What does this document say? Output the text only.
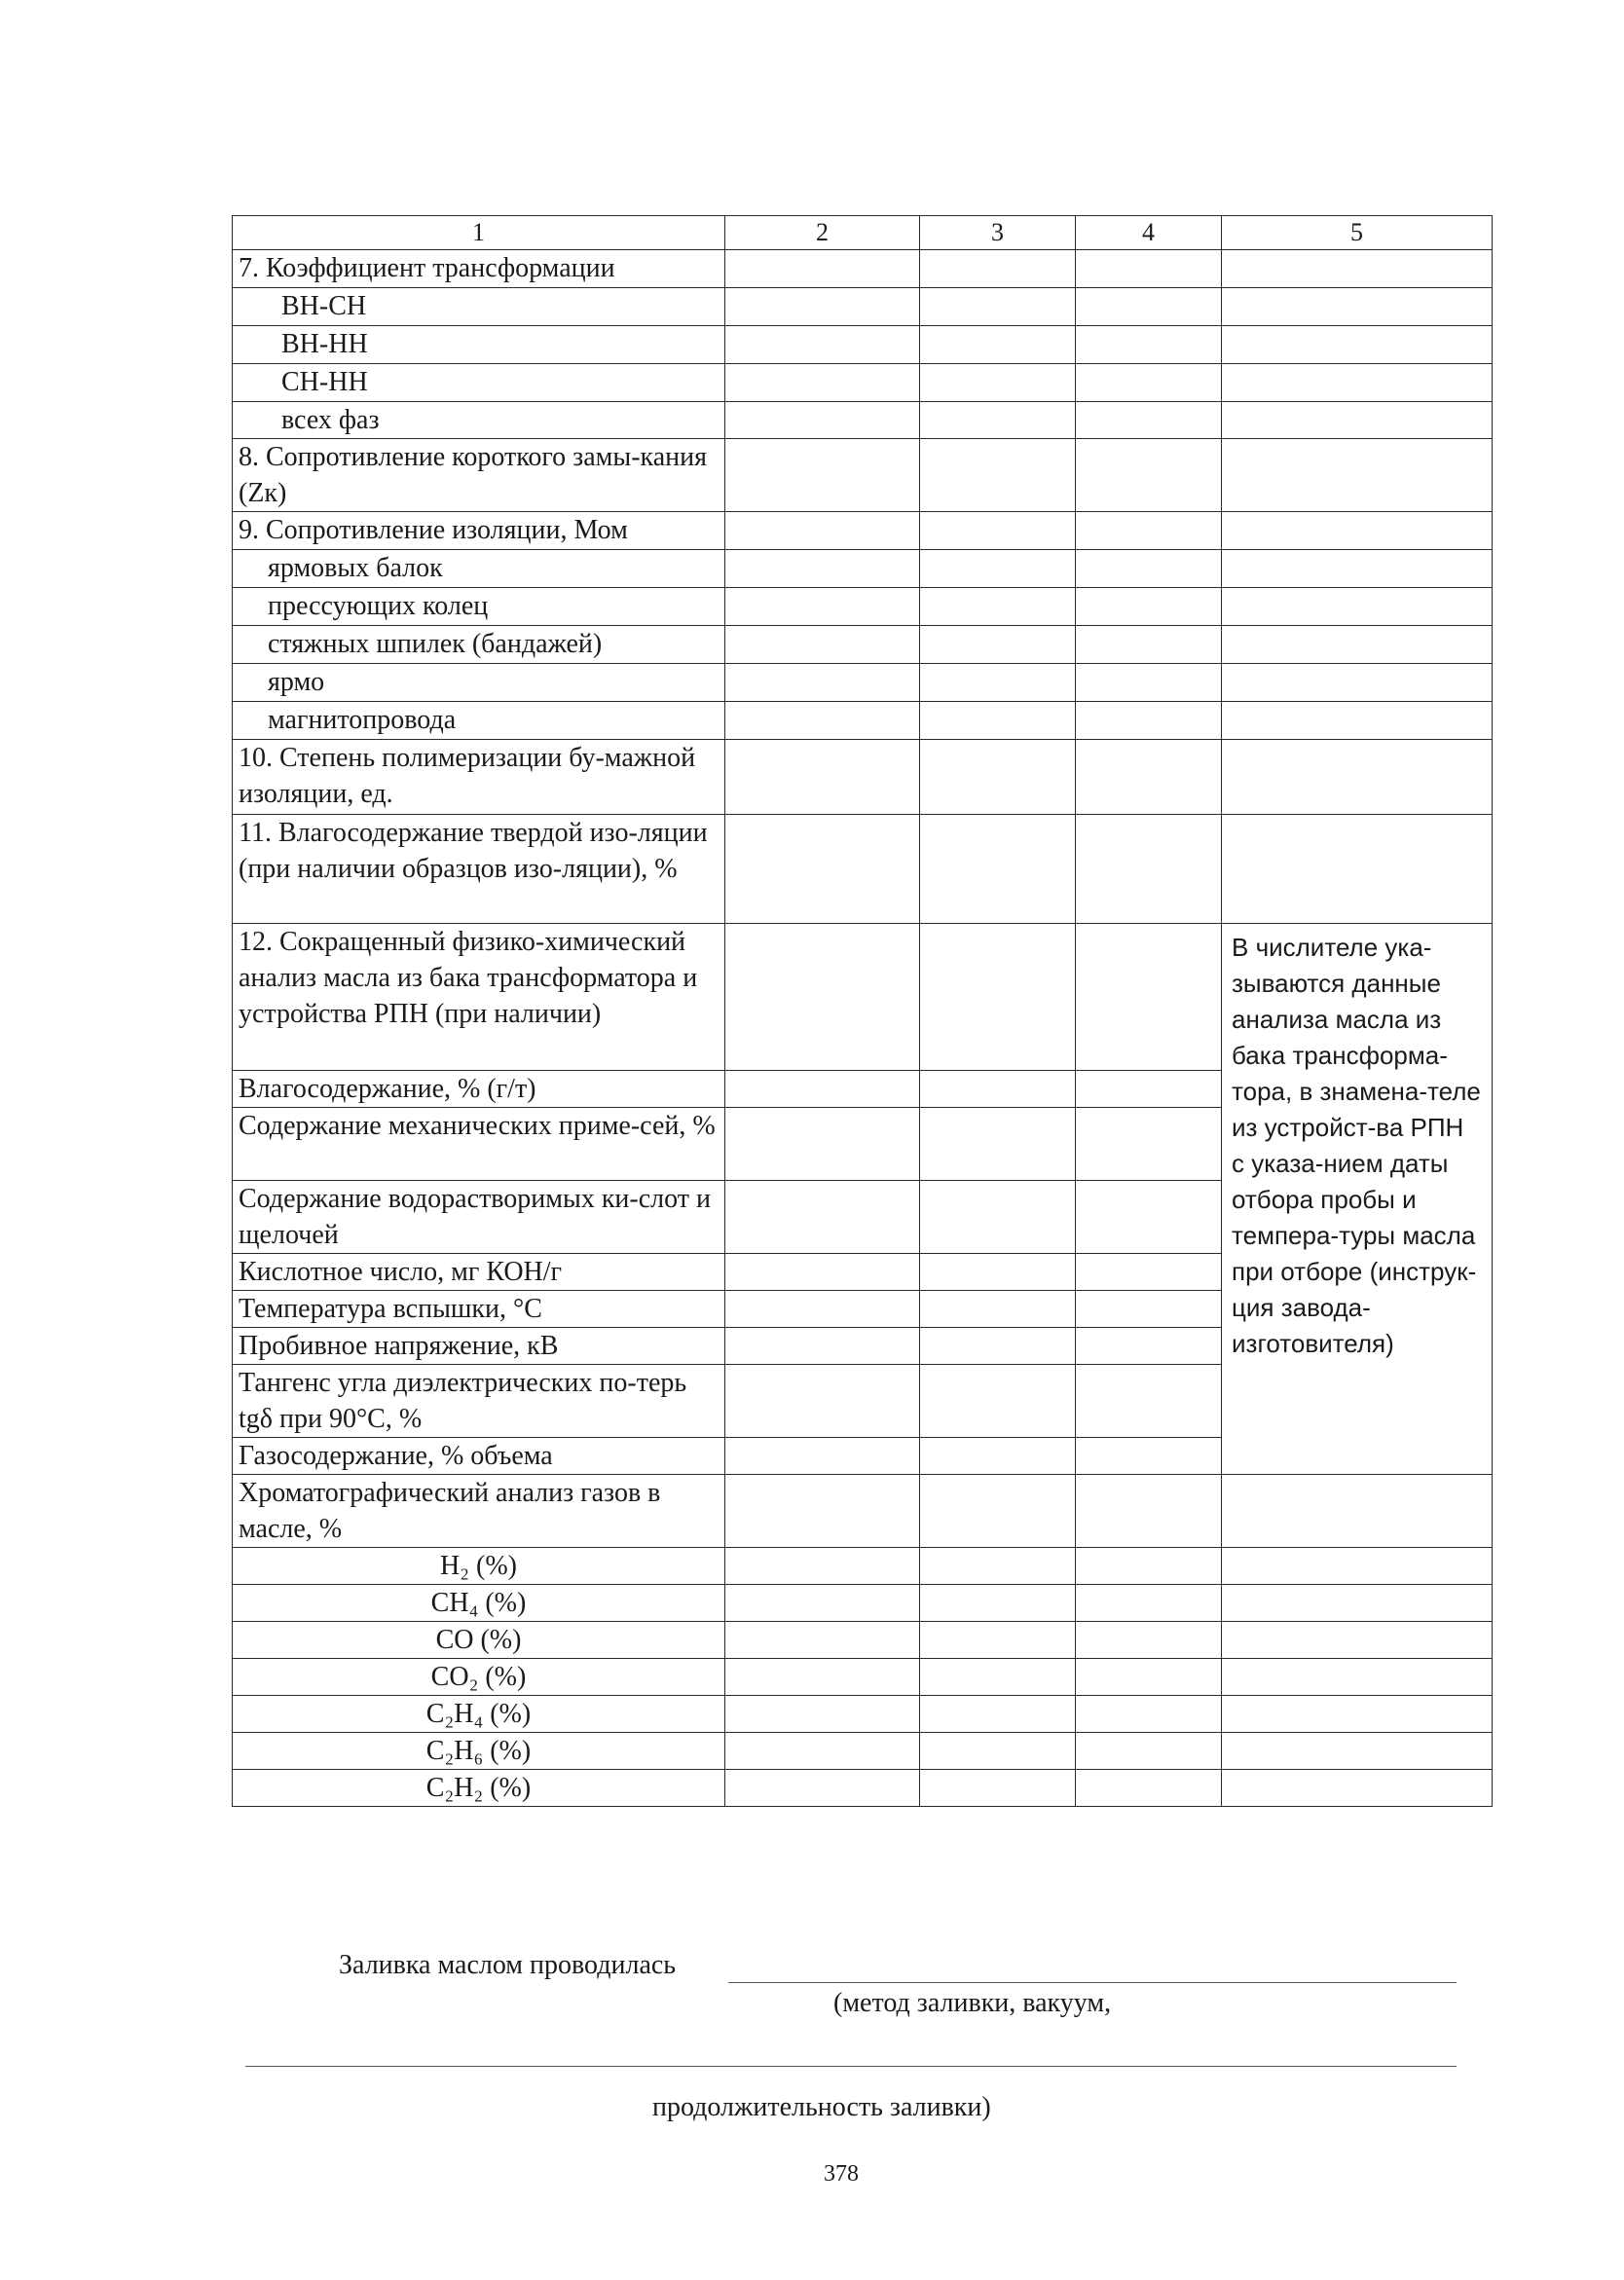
1	2	3	4	5
7. Коэффициент трансформации				
ВН-СН				
ВН-НН				
СН-НН				
всех фаз				
8. Сопротивление короткого замы-кания (Zк)				
9. Сопротивление изоляции, Мом				
ярмовых балок				
прессующих колец				
стяжных шпилек (бандажей)				
ярмо				
магнитопровода				
10. Степень полимеризации бу-мажной изоляции, ед.				
11. Влагосодержание твердой изо-ляции (при наличии образцов изо-ляции), %				
12. Сокращенный физико-химический анализ масла из бака трансформатора и устройства РПН (при наличии)				В числителе ука-зываются данные анализа масла из бака трансформа-тора, в знамена-теле из устройст-ва РПН с указа-нием даты отбора пробы и темпера-туры масла при отборе (инструк-ция завода-изготовителя)
Влагосодержание, % (г/т)				
Содержание механических приме-сей, %				
Содержание водорастворимых ки-слот и щелочей				
Кислотное число, мг КОН/г				
Температура вспышки, °С				
Пробивное напряжение, кВ				
Тангенс угла диэлектрических по-терь tgδ при 90°С, %				
Газосодержание, % объема				
Хроматографический анализ газов в масле, %				
H₂ (%)				
CH₄ (%)				
CO (%)				
CO₂ (%)				
C₂H₄ (%)				
C₂H₆ (%)				
C₂H₂ (%)				
Заливка маслом проводилась
(метод заливки, вакуум,
продолжительность заливки)
378
